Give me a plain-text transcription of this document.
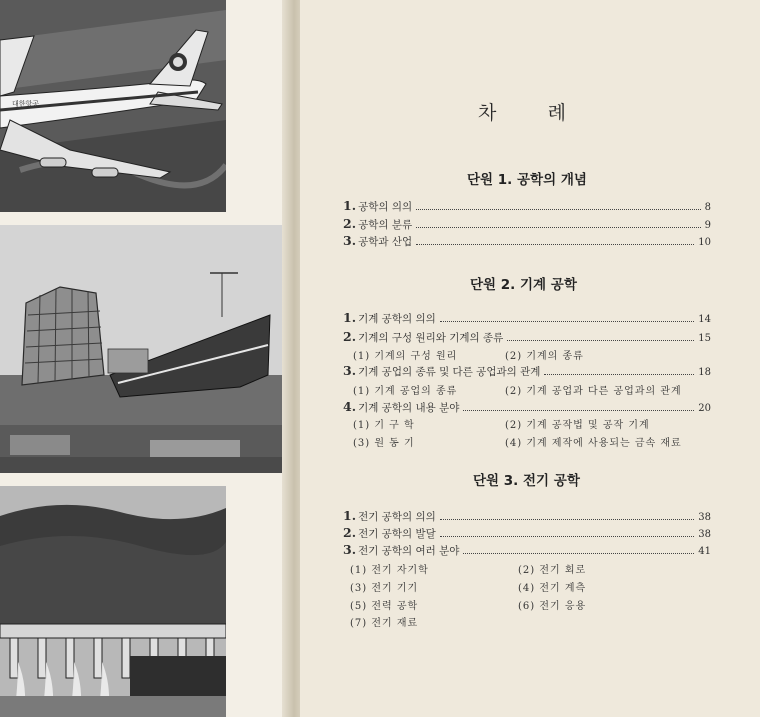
대한항공	차	례
단원 1. 공학의 개념
1. 공학의 의의	8
2. 공학의 분류	9
3. 공학과 산업	10
단원 2. 기계 공학
1. 기계 공학의 의의	14
2. 기계의 구성 원리와 기계의 종류	15
(1) 기계의 구성 원리	(2) 기계의 종류
3. 기계 공업의 종류 및 다른 공업과의 관계	18
(1) 기계 공업의 종류	(2) 기계 공업과 다른 공업과의 관계
4. 기계 공학의 내용 분야	20
(1) 기 구 학	(2) 기계 공작법 및 공작 기계
(3) 원 동 기	(4) 기계 제작에 사용되는 금속 재료
단원 3. 전기 공학
1. 전기 공학의 의의	38
2. 전기 공학의 발달	38
3. 전기 공학의 여러 분야	41
(1) 전기 자기학	(2) 전기 회로
(3) 전기 기기	(4) 전기 계측
(5) 전력 공학	(6) 전기 응용
(7) 전기 재료
